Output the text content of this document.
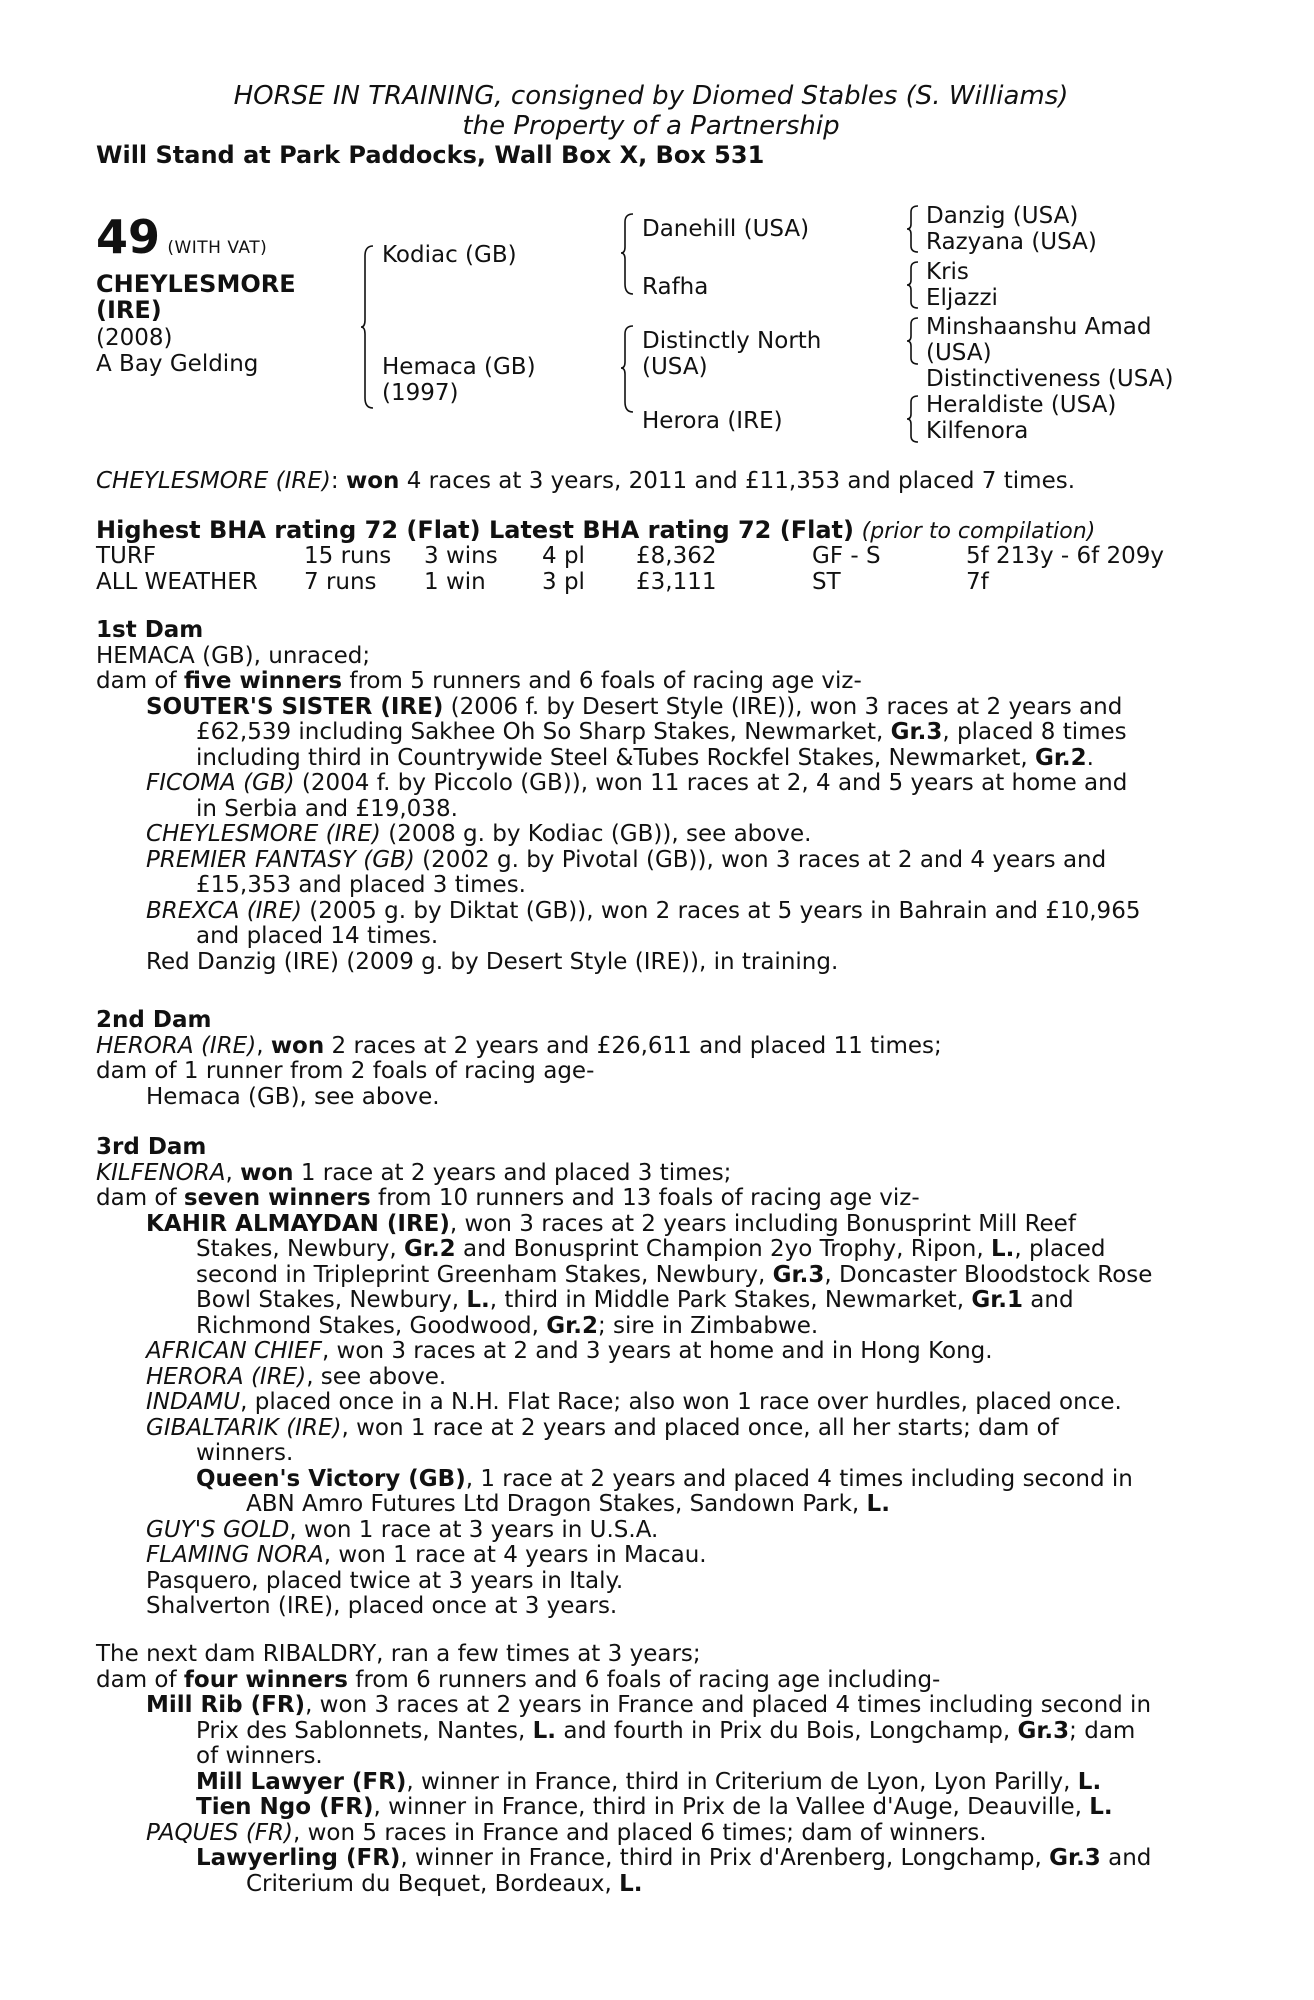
HORSE IN TRAINING, consigned by Diomed Stables (S. Williams)
the Property of a Partnership
Will Stand at Park Paddocks, Wall Box X, Box 531
49 (WITH VAT)
CHEYLESMORE
(IRE)
(2008)
A Bay Gelding
Kodiac (GB)
Hemaca (GB)
(1997)
Danehill (USA)
Rafha
Distinctly North
(USA)
Herora (IRE)
Danzig (USA)
Razyana (USA)
Kris
Eljazzi
Minshaanshu Amad
(USA)
Distinctiveness (USA)
Heraldiste (USA)
Kilfenora
CHEYLESMORE (IRE): won 4 races at 3 years, 2011 and £11,353 and placed 7 times.
Highest BHA rating 72 (Flat) Latest BHA rating 72 (Flat) (prior to compilation)
TURF	15 runs	3 wins	4 pl	£8,362	GF - S	5f 213y - 6f 209y
ALL WEATHER	7 runs	1 win	3 pl	£3,111	ST	7f
1st Dam
HEMACA (GB), unraced;
dam of five winners from 5 runners and 6 foals of racing age viz-
SOUTER'S SISTER (IRE) (2006 f. by Desert Style (IRE)), won 3 races at 2 years and
£62,539 including Sakhee Oh So Sharp Stakes, Newmarket, Gr.3, placed 8 times
including third in Countrywide Steel &Tubes Rockfel Stakes, Newmarket, Gr.2.
FICOMA (GB) (2004 f. by Piccolo (GB)), won 11 races at 2, 4 and 5 years at home and
in Serbia and £19,038.
CHEYLESMORE (IRE) (2008 g. by Kodiac (GB)), see above.
PREMIER FANTASY (GB) (2002 g. by Pivotal (GB)), won 3 races at 2 and 4 years and
£15,353 and placed 3 times.
BREXCA (IRE) (2005 g. by Diktat (GB)), won 2 races at 5 years in Bahrain and £10,965
and placed 14 times.
Red Danzig (IRE) (2009 g. by Desert Style (IRE)), in training.
2nd Dam
HERORA (IRE), won 2 races at 2 years and £26,611 and placed 11 times;
dam of 1 runner from 2 foals of racing age-
Hemaca (GB), see above.
3rd Dam
KILFENORA, won 1 race at 2 years and placed 3 times;
dam of seven winners from 10 runners and 13 foals of racing age viz-
KAHIR ALMAYDAN (IRE), won 3 races at 2 years including Bonusprint Mill Reef
Stakes, Newbury, Gr.2 and Bonusprint Champion 2yo Trophy, Ripon, L., placed
second in Tripleprint Greenham Stakes, Newbury, Gr.3, Doncaster Bloodstock Rose
Bowl Stakes, Newbury, L., third in Middle Park Stakes, Newmarket, Gr.1 and
Richmond Stakes, Goodwood, Gr.2; sire in Zimbabwe.
AFRICAN CHIEF, won 3 races at 2 and 3 years at home and in Hong Kong.
HERORA (IRE), see above.
INDAMU, placed once in a N.H. Flat Race; also won 1 race over hurdles, placed once.
GIBALTARIK (IRE), won 1 race at 2 years and placed once, all her starts; dam of
winners.
Queen's Victory (GB), 1 race at 2 years and placed 4 times including second in
ABN Amro Futures Ltd Dragon Stakes, Sandown Park, L.
GUY'S GOLD, won 1 race at 3 years in U.S.A.
FLAMING NORA, won 1 race at 4 years in Macau.
Pasquero, placed twice at 3 years in Italy.
Shalverton (IRE), placed once at 3 years.
The next dam RIBALDRY, ran a few times at 3 years;
dam of four winners from 6 runners and 6 foals of racing age including-
Mill Rib (FR), won 3 races at 2 years in France and placed 4 times including second in
Prix des Sablonnets, Nantes, L. and fourth in Prix du Bois, Longchamp, Gr.3; dam
of winners.
Mill Lawyer (FR), winner in France, third in Criterium de Lyon, Lyon Parilly, L.
Tien Ngo (FR), winner in France, third in Prix de la Vallee d'Auge, Deauville, L.
PAQUES (FR), won 5 races in France and placed 6 times; dam of winners.
Lawyerling (FR), winner in France, third in Prix d'Arenberg, Longchamp, Gr.3 and
Criterium du Bequet, Bordeaux, L.
